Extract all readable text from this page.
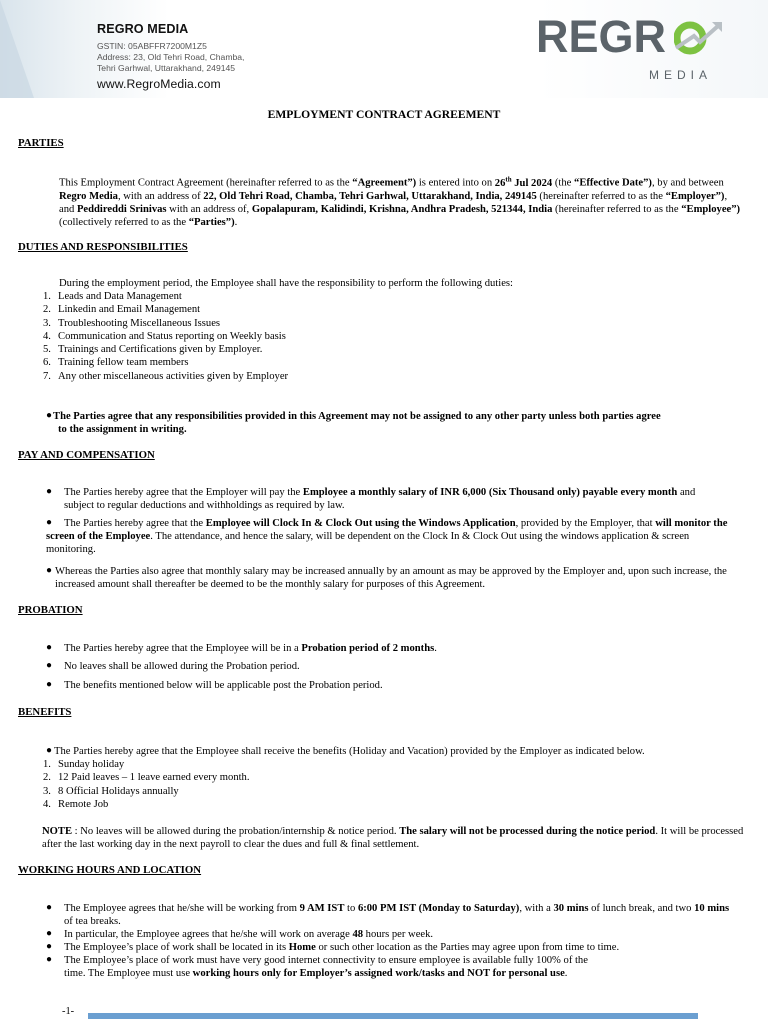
REGRO MEDIA
GSTIN: 05ABFFR7200M1Z5
Address: 23, Old Tehri Road, Chamba,
Tehri Garhwal, Uttarakhand, 249145
www.RegroMedia.com
REGR
MEDIA
EMPLOYMENT CONTRACT AGREEMENT
PARTIES
This Employment Contract Agreement (hereinafter referred to as the “Agreement”) is entered into on 26th Jul 2024 (the “Effective Date”), by and between Regro Media, with an address of 22, Old Tehri Road, Chamba, Tehri Garhwal, Uttarakhand, India, 249145 (hereinafter referred to as the “Employer”), and Peddireddi Srinivas with an address of, Gopalapuram, Kalidindi, Krishna, Andhra Pradesh, 521344, India (hereinafter referred to as the “Employee”) (collectively referred to as the “Parties”).
DUTIES AND RESPONSIBILITIES
During the employment period, the Employee shall have the responsibility to perform the following duties:
1. Leads and Data Management
2. Linkedin and Email Management
3. Troubleshooting Miscellaneous Issues
4. Communication and Status reporting on Weekly basis
5. Trainings and Certifications given by Employer.
6. Training fellow team members
7. Any other miscellaneous activities given by Employer
● The Parties agree that any responsibilities provided in this Agreement may not be assigned to any other party unless both parties agree
to the assignment in writing.
PAY AND COMPENSATION
●	The Parties hereby agree that the Employer will pay the Employee a monthly salary of INR 6,000 (Six Thousand only) payable every month and subject to regular deductions and withholdings as required by law.
●	The Parties hereby agree that the Employee will Clock In & Clock Out using the Windows Application, provided by the Employer, that will monitor the screen of the Employee. The attendance, and hence the salary, will be dependent on the Clock In & Clock Out using the windows application & screen monitoring.
● Whereas the Parties also agree that monthly salary may be increased annually by an amount as may be approved by the Employer and, upon such increase, the increased amount shall thereafter be deemed to be the monthly salary for purposes of this Agreement.
PROBATION
●	The Parties hereby agree that the Employee will be in a Probation period of 2 months.
●	No leaves shall be allowed during the Probation period.
●	The benefits mentioned below will be applicable post the Probation period.
BENEFITS
● The Parties hereby agree that the Employee shall receive the benefits (Holiday and Vacation) provided by the Employer as indicated below.
1. Sunday holiday
2. 12 Paid leaves – 1 leave earned every month.
3. 8 Official Holidays annually
4. Remote Job
NOTE : No leaves will be allowed during the probation/internship & notice period. The salary will not be processed during the notice period. It will be processed after the last working day in the next payroll to clear the dues and full & final settlement.
WORKING HOURS AND LOCATION
●	The Employee agrees that he/she will be working from 9 AM IST to 6:00 PM IST (Monday to Saturday), with a 30 mins of lunch break, and two 10 mins of tea breaks.
●	In particular, the Employee agrees that he/she will work on average 48 hours per week.
●	The Employee’s place of work shall be located in its Home or such other location as the Parties may agree upon from time to time.
●	The Employee’s place of work must have very good internet connectivity to ensure employee is available fully 100% of the
time. The Employee must use working hours only for Employer’s assigned work/tasks and NOT for personal use.
-1-
